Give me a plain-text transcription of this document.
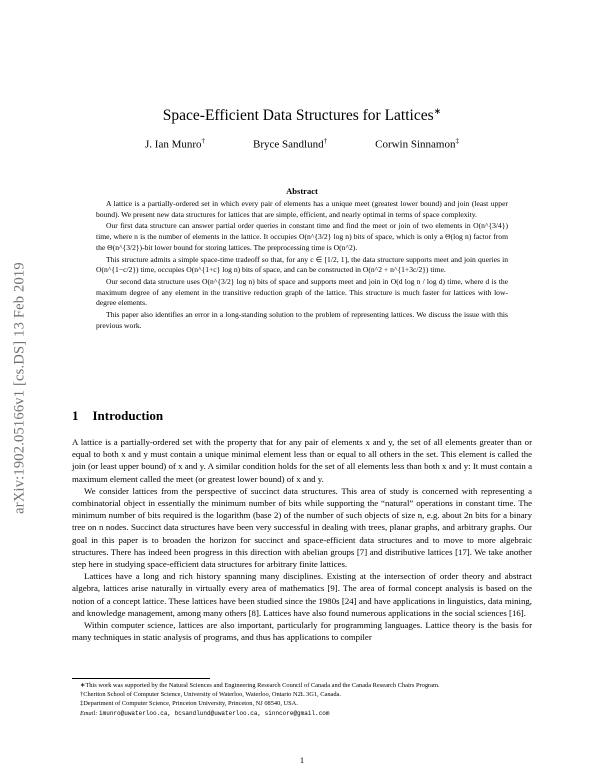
arXiv:1902.05166v1 [cs.DS] 13 Feb 2019
Space-Efficient Data Structures for Lattices∗
J. Ian Munro†	Bryce Sandlund†	Corwin Sinnamon‡
Abstract

A lattice is a partially-ordered set in which every pair of elements has a unique meet (greatest lower bound) and join (least upper bound). We present new data structures for lattices that are simple, efficient, and nearly optimal in terms of space complexity.

Our first data structure can answer partial order queries in constant time and find the meet or join of two elements in O(n^{3/4}) time, where n is the number of elements in the lattice. It occupies O(n^{3/2} log n) bits of space, which is only a Θ(log n) factor from the Θ(n^{3/2})-bit lower bound for storing lattices. The preprocessing time is O(n^2).

This structure admits a simple space-time tradeoff so that, for any c ∈ [1/2, 1], the data structure supports meet and join queries in O(n^{1−c/2}) time, occupies O(n^{1+c} log n) bits of space, and can be constructed in O(n^2 + n^{1+3c/2}) time.

Our second data structure uses O(n^{3/2} log n) bits of space and supports meet and join in O(d log n / log d) time, where d is the maximum degree of any element in the transitive reduction graph of the lattice. This structure is much faster for lattices with low-degree elements.

This paper also identifies an error in a long-standing solution to the problem of representing lattices. We discuss the issue with this previous work.

1 Introduction

A lattice is a partially-ordered set with the property that for any pair of elements x and y, the set of all elements greater than or equal to both x and y must contain a unique minimal element less than or equal to all others in the set. This element is called the join (or least upper bound) of x and y. A similar condition holds for the set of all elements less than both x and y: It must contain a maximum element called the meet (or greatest lower bound) of x and y.

We consider lattices from the perspective of succinct data structures. This area of study is concerned with representing a combinatorial object in essentially the minimum number of bits while supporting the “natural” operations in constant time. The minimum number of bits required is the logarithm (base 2) of the number of such objects of size n, e.g. about 2n bits for a binary tree on n nodes. Succinct data structures have been very successful in dealing with trees, planar graphs, and arbitrary graphs. Our goal in this paper is to broaden the horizon for succinct and space-efficient data structures and to move to more algebraic structures. There has indeed been progress in this direction with abelian groups [7] and distributive lattices [17]. We take another step here in studying space-efficient data structures for arbitrary finite lattices.

Lattices have a long and rich history spanning many disciplines. Existing at the intersection of order theory and abstract algebra, lattices arise naturally in virtually every area of mathematics [9]. The area of formal concept analysis is based on the notion of a concept lattice. These lattices have been studied since the 1980s [24] and have applications in linguistics, data mining, and knowledge management, among many others [8]. Lattices have also found numerous applications in the social sciences [16].

Within computer science, lattices are also important, particularly for programming languages. Lattice theory is the basis for many techniques in static analysis of programs, and thus has applications to compiler

∗This work was supported by the Natural Sciences and Engineering Research Council of Canada and the Canada Research Chairs Program.

†Cheriton School of Computer Science, University of Waterloo, Waterloo, Ontario N2L 3G1, Canada.

‡Department of Computer Science, Princeton University, Princeton, NJ 08540, USA.

Email: imunro@uwaterloo.ca, bcsandlund@uwaterloo.ca, sinncore@gmail.com

1
